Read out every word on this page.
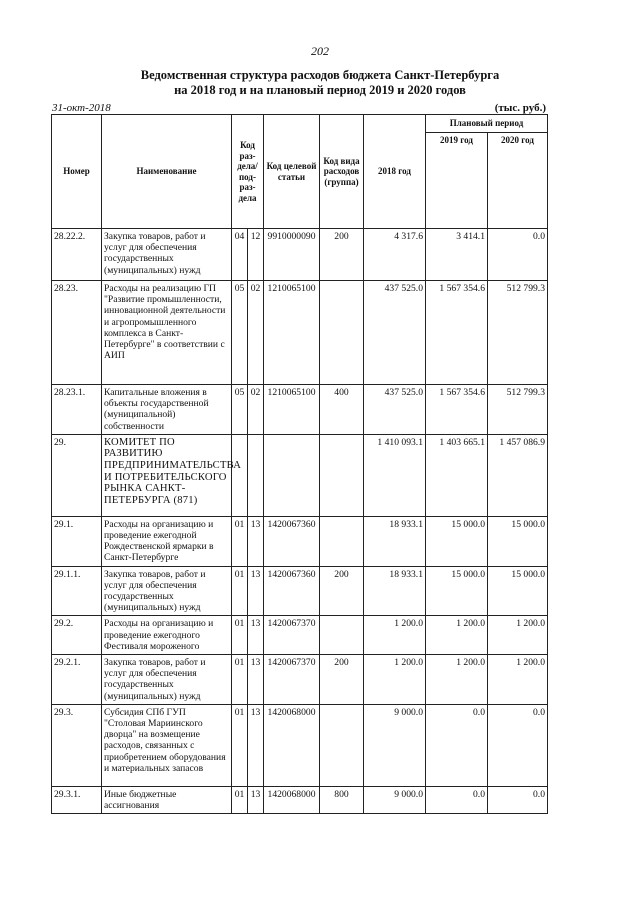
202
Ведомственная структура расходов бюджета Санкт-Петербурга
на 2018 год и на плановый период 2019 и 2020 годов
31-окт-2018	(тыс. руб.)
Номер	Наименование	Код раз-дела/ под-раз-дела		Код целевой статьи	Код вида расходов (группа)	2018 год	Плановый период	
							2019 год	2020 год
28.22.2.	Закупка товаров, работ и услуг для обеспечения государственных (муниципальных) нужд	04	12	9910000090	200	4 317.6	3 414.1	0.0
28.23.	Расходы на реализацию ГП "Развитие промышленности, инновационной деятельности и агропромышленного комплекса в Санкт-Петербурге" в соответствии с АИП	05	02	1210065100		437 525.0	1 567 354.6	512 799.3
28.23.1.	Капитальные вложения в объекты государственной (муниципальной) собственности	05	02	1210065100	400	437 525.0	1 567 354.6	512 799.3
29.	КОМИТЕТ ПО РАЗВИТИЮ ПРЕДПРИНИМАТЕЛЬСТВА И ПОТРЕБИТЕЛЬСКОГО РЫНКА САНКТ-ПЕТЕРБУРГА (871)					1 410 093.1	1 403 665.1	1 457 086.9
29.1.	Расходы на организацию и проведение ежегодной Рождественской ярмарки в Санкт-Петербурге	01	13	1420067360		18 933.1	15 000.0	15 000.0
29.1.1.	Закупка товаров, работ и услуг для обеспечения государственных (муниципальных) нужд	01	13	1420067360	200	18 933.1	15 000.0	15 000.0
29.2.	Расходы на организацию и проведение ежегодного Фестиваля мороженого	01	13	1420067370		1 200.0	1 200.0	1 200.0
29.2.1.	Закупка товаров, работ и услуг для обеспечения государственных (муниципальных) нужд	01	13	1420067370	200	1 200.0	1 200.0	1 200.0
29.3.	Субсидия СПб ГУП "Столовая Мариинского дворца" на возмещение расходов, связанных с приобретением оборудования и материальных запасов	01	13	1420068000		9 000.0	0.0	0.0
29.3.1.	Иные бюджетные ассигнования	01	13	1420068000	800	9 000.0	0.0	0.0
